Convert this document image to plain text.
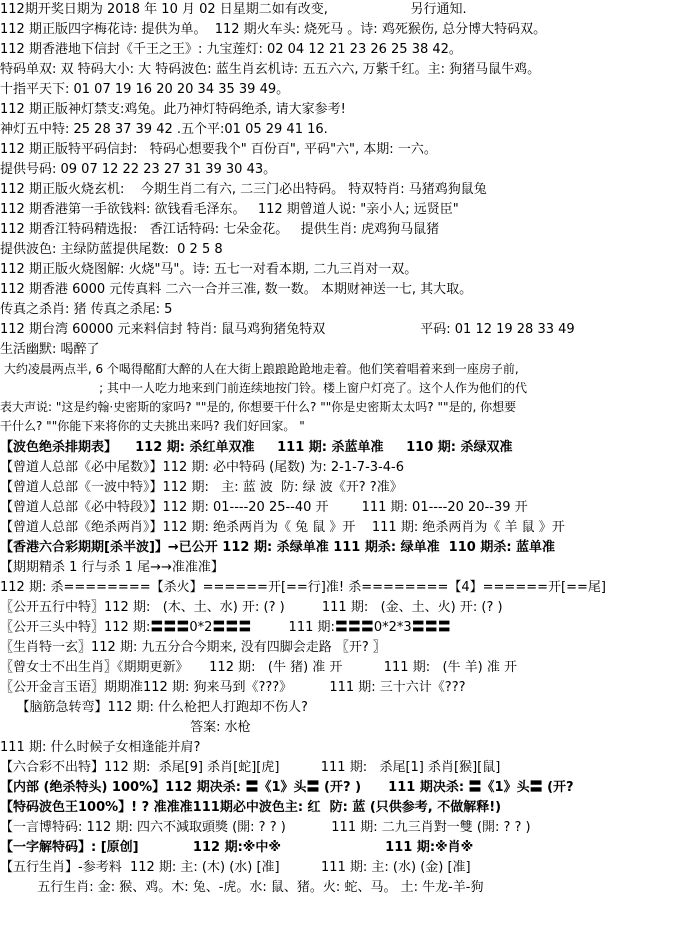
112期开奖日期为 2018 年 10 月 02 日星期二如有改变,                    另行通知.
112 期正版四字梅花诗: 提供为单。  112 期火车头: 烧死马 。诗: 鸡死猴伤, 总分博大特码双。
112 期香港地下信封《千王之王》: 九宝莲灯: 02 04 12 21 23 26 25 38 42。
特码单双: 双 特码大小: 大 特码波色: 蓝生肖玄机诗: 五五六六, 万紫千红。主: 狗猪马鼠牛鸡。
十指平天下: 01 07 19 16 20 20 34 35 39 49。
112 期正版神灯禁支:鸡兔。此乃神灯特码绝杀, 请大家参考!
神灯五中特: 25 28 37 39 42 .五个平:01 05 29 41 16.
112 期正版特平码信封:   特码心想要我个" 百份百", 平码"六", 本期: 一六。
提供号码: 09 07 12 22 23 27 31 39 30 43。
112 期正版火烧玄机:    今期生肖二有六, 二三门必出特码。 特双特肖: 马猪鸡狗鼠兔
112 期香港第一手欲钱料: 欲钱看毛泽东。   112 期曾道人说: "亲小人; 远贤臣"
112 期香江特码精选报:   香江话特码: 七朵金花。   提供生肖: 虎鸡狗马鼠猪
提供波色: 主绿防蓝提供尾数:  0 2 5 8
112 期正版火烧图解: 火烧"马"。诗: 五七一对看本期, 二九三肖对一双。
112 期香港 6000 元传真料 二六一合并三准, 数一数。 本期财神送一七, 其大取。
传真之杀肖: 猪 传真之杀尾: 5
112 期台湾 60000 元来料信封 特肖: 鼠马鸡狗猪兔特双                       平码: 01 12 19 28 33 49
生活幽默: 喝醉了
大约凌晨两点半, 6 个喝得酩酊大醉的人在大街上踉踉跄跄地走着。他们笑着唱着来到一座房子前,
; 其中一人吃力地来到门前连续地按门铃。楼上窗户灯亮了。这个人作为他们的代
表大声说: "这是约翰·史密斯的家吗? ""是的, 你想要干什么? ""你是史密斯太太吗? ""是的, 你想要
干什么? ""你能下来将你的丈夫挑出来吗? 我们好回家。 "
【波色绝杀排期表】    112 期: 杀红单双准     111 期: 杀蓝单准     110 期: 杀绿双准
【曾道人总部《必中尾数》】112 期: 必中特码 (尾数) 为: 2-1-7-3-4-6
【曾道人总部《一波中特》】112 期:   主: 蓝 波  防: 绿 波《开? ?准》
【曾道人总部《必中特段》】112 期: 01----20 25--40 开        111 期: 01----20 20--39 开
【曾道人总部《绝杀两肖》】112 期: 绝杀两肖为《 兔 鼠 》开    111 期: 绝杀两肖为《 羊 鼠 》开
【香港六合彩期期[杀半波]】→已公开 112 期: 杀绿单准 111 期杀: 绿单准  110 期杀: 蓝单准
【期期精杀 1 行与杀 1 尾→→准准准】
112 期: 杀========【杀火】======开[==行]准! 杀========【4】======开[==尾]
〖公开五行中特〗112 期:   (木、土、水) 开: (? )         111 期:   (金、土、火) 开: (? )
〖公开三头中特〗112 期:〓〓〓0*2〓〓〓         111 期:〓〓〓0*2*3〓〓〓
〖生肖特一玄〗112 期: 九五分合今期来, 没有四脚会走路 〖开? 〗
〖曾女士不出生肖〗《期期更新》     112 期:   (牛 猪) 准 开          111 期:   (牛 羊) 准 开
〖公开金言玉语〗期期准112 期: 狗来马到《???》         111 期: 三十六计《???
【脑筋急转弯】112 期: 什么枪把人打跑却不伤人?
答案: 水枪
111 期: 什么时候子女相逢能并肩?
【六合彩不出特】112 期:  杀尾[9] 杀肖[蛇][虎]          111 期:   杀尾[1] 杀肖[猴][鼠]
【内部 (绝杀特头) 100%】112 期决杀: 〓《1》头〓 (开? )      111 期决杀: 〓《1》头〓 (开?
【特码波色王100%】! ? 准准准111期必中波色主: 红  防: 蓝 (只供参考, 不做解释!)
【一言博特码: 112 期: 四六不減取頭獎 (開: ? ? )           111 期: 二九三肖對一雙 (開: ? ? )
【一字解特码】: [原创]            112 期:※中※                       111 期:※肖※
【五行生肖】-参考料  112 期: 主: (木) (水) [准]          111 期: 主: (水) (金) [准]
五行生肖: 金: 猴、鸡。木: 兔、-虎。水: 鼠、猪。火: 蛇、马。 土: 牛龙-羊-狗
